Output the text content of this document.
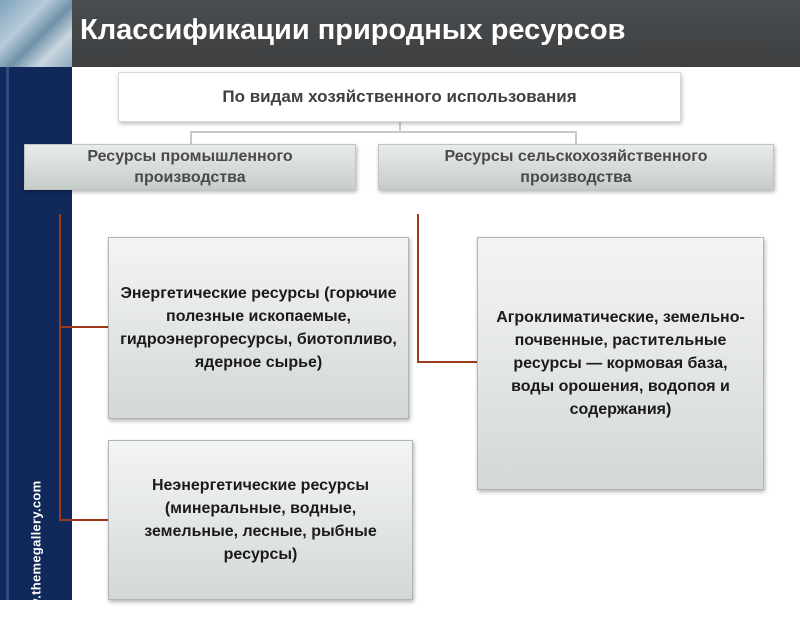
Классификации природных ресурсов
www.themegallery.com
По видам хозяйственного использования
Ресурсы промышленного производства
Ресурсы сельскохозяйственного производства
Энергетические ресурсы (горючие полезные ископаемые, гидроэнергоресурсы, биотопливо, ядерное сырье)
Неэнергетические ресурсы (минеральные, водные, земельные, лесные, рыбные ресурсы)
Агроклиматические, земельно-почвенные, растительные ресурсы — кормовая база, воды орошения, водопоя и содержания)
